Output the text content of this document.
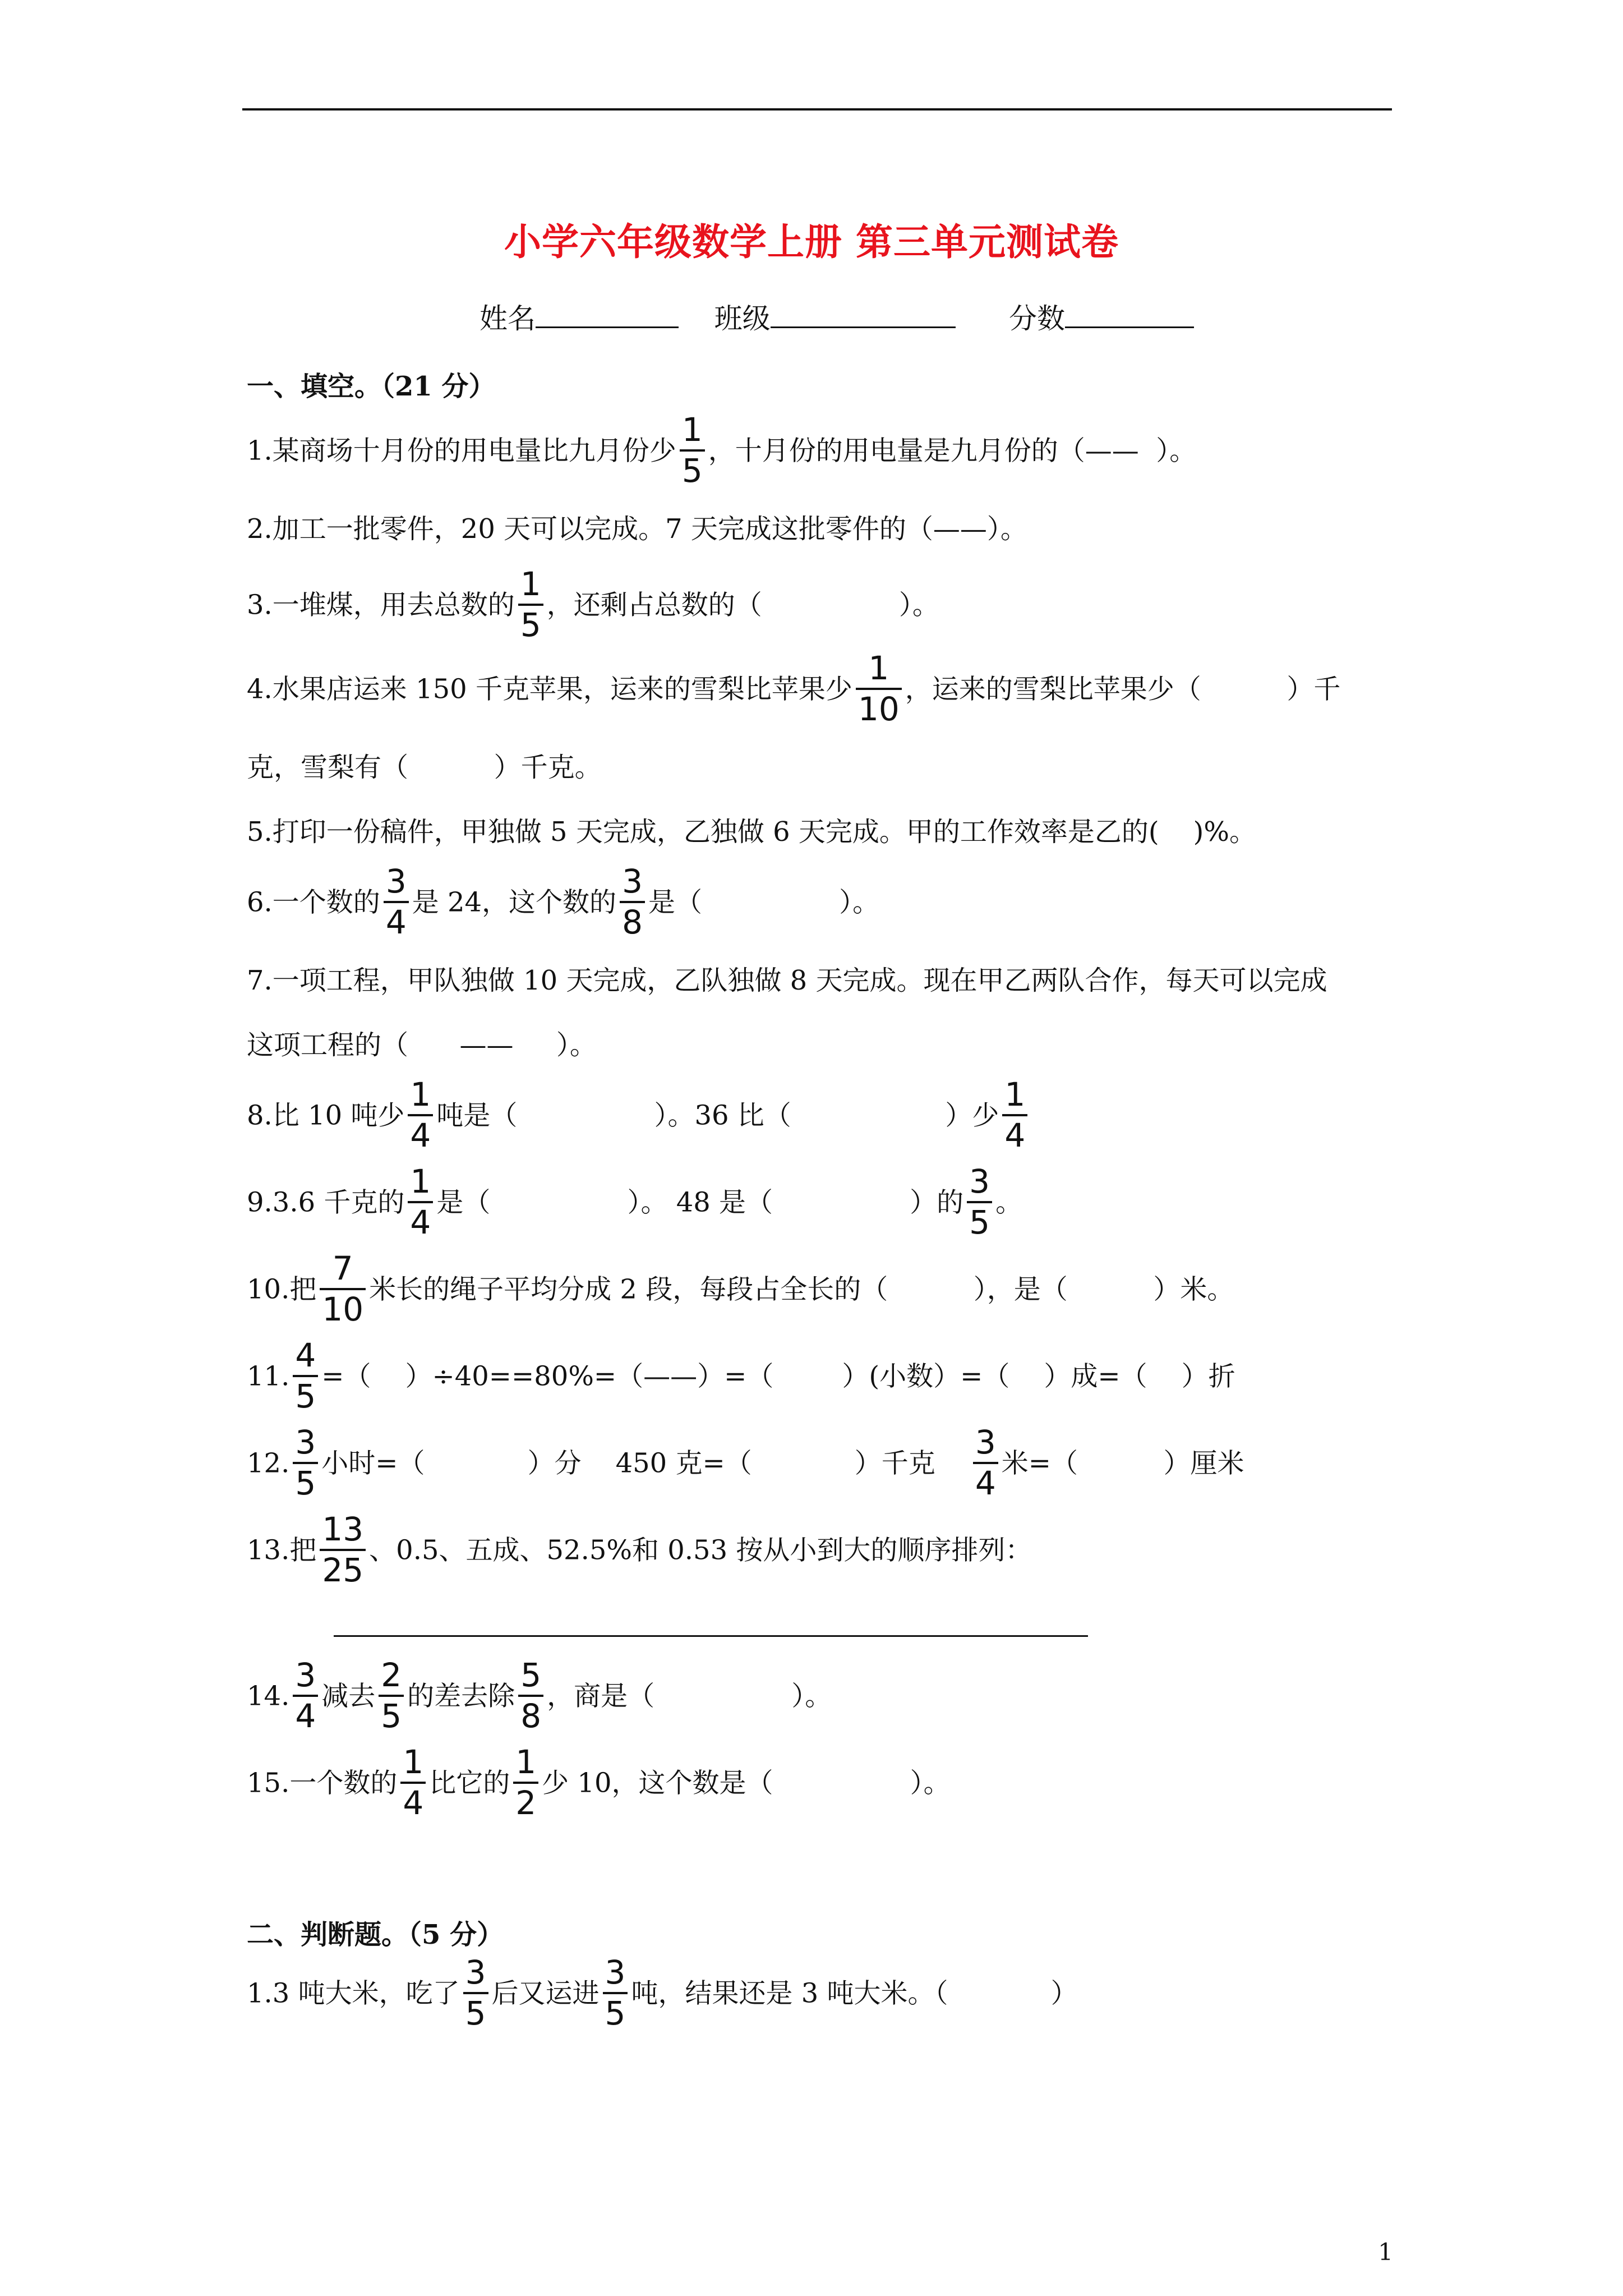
小学六年级数学上册 第三单元测试卷
姓名	班级	分数
一、填空。（21 分）
1.某商场十月份的用电量比九月份少 $\frac{1}{5}$ ，十月份的用电量是九月份的（——  ）。
2.加工一批零件，20 天可以完成。7 天完成这批零件的（——）。
3.一堆煤，用去总数的 $\frac{1}{5}$ ，还剩占总数的（                ）。
4.水果店运来 150 千克苹果，运来的雪梨比苹果少 $\frac{1}{10}$ ，运来的雪梨比苹果少（          ）千
克，雪梨有（          ）千克。
5.打印一份稿件，甲独做 5 天完成，乙独做 6 天完成。甲的工作效率是乙的(    )%。
6.一个数的 $\frac{3}{4}$ 是 24，这个数的 $\frac{3}{8}$ 是（                ）。
7.一项工程，甲队独做 10 天完成，乙队独做 8 天完成。现在甲乙两队合作，每天可以完成
这项工程的（      ——     ）。
8.比 10 吨少 $\frac{1}{4}$ 吨是（                ）。36 比（                  ）少 $\frac{1}{4}$
9.3.6 千克的 $\frac{1}{4}$ 是（                ）。 48 是（                ）的 $\frac{3}{5}$ 。
10.把 $\frac{7}{10}$ 米长的绳子平均分成 2 段，每段占全长的（          ），是（          ）米。
11. $\frac{4}{5}$ =（    ）÷40==80%=（——）=（        ）(小数）=（    ）成=（    ）折
12. $\frac{3}{5}$ 小时=（            ）分    450 克=（            ）千克 $\frac{3}{4}$ 米=（          ）厘米
13.把 $\frac{13}{25}$ 、0.5、五成、52.5%和 0.53 按从小到大的顺序排列：
14. $\frac{3}{4}$ 减去 $\frac{2}{5}$ 的差去除 $\frac{5}{8}$ ，商是（                ）。
15.一个数的 $\frac{1}{4}$ 比它的 $\frac{1}{2}$ 少 10，这个数是（                ）。
二、判断题。（5 分）
1.3 吨大米，吃了 $\frac{3}{5}$ 后又运进 $\frac{3}{5}$ 吨，结果还是 3 吨大米。（            ）
1
